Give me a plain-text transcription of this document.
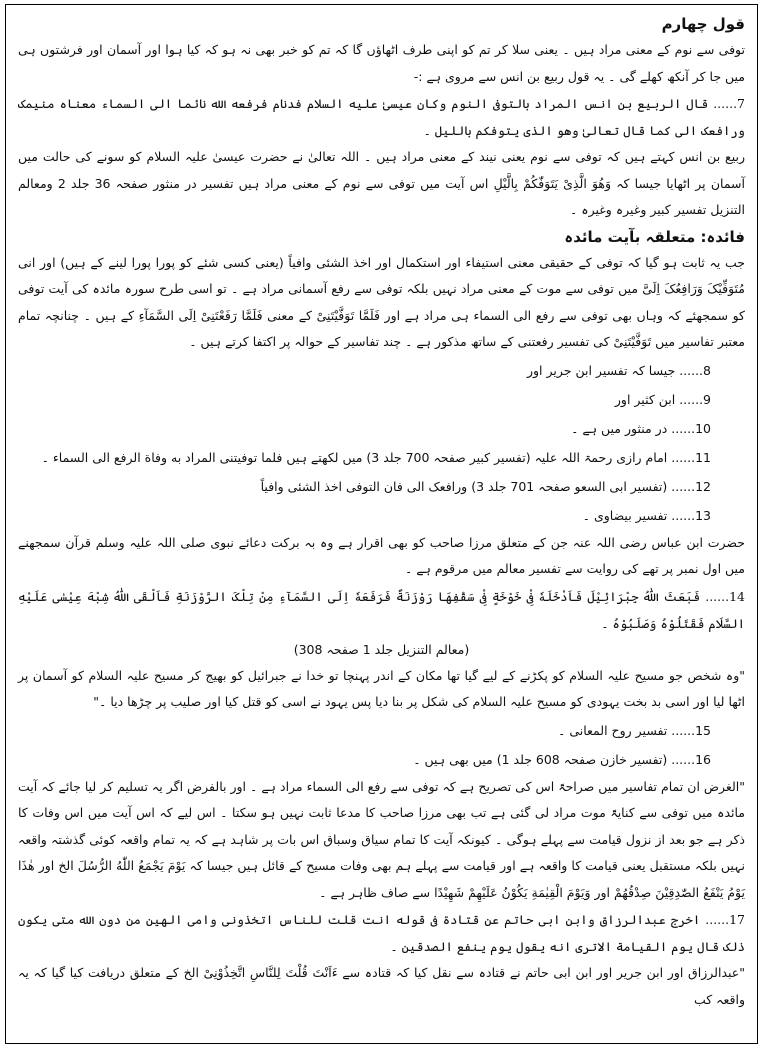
قول چهارم

توفی سے نوم کے معنی مراد ہیں ۔ یعنی سلا کر تم کو اپنی طرف اٹھاؤں گا کہ تم کو خبر بھی نہ ہو کہ کیا ہوا اور آسمان اور فرشتوں ہی میں جا کر آنکھ کھلے گی ۔ یہ قول ربیع بن انس سے مروی ہے :-

7...... قال الربیع بن انس المراد بالتوفی النوم وکان عیسیٰ علیه السلام فدنام فرفعه الله نائما الی السماء معناه منیمک ورافعک الی کما قال تعالیٰ وهو الذی یتوفکم باللیل ۔

ربیع بن انس کہتے ہیں کہ توفی سے نوم یعنی نیند کے معنی مراد ہیں ۔ اللہ تعالیٰ نے حضرت عیسیٰ علیہ السلام کو سونے کی حالت میں آسمان پر اٹھایا جیسا کہ وَهُوَ الَّذِیْ یَتَوَفّٰکُمْ بِالَّیْلِ اس آیت میں توفی سے نوم کے معنی مراد ہیں تفسیر در منثور صفحہ 36 جلد 2 ومعالم التنزیل تفسیر کبیر وغیرہ وغیرہ ۔

فائدہ: متعلقہ بآیت مائدہ

جب یہ ثابت ہو گیا کہ توفی کے حقیقی معنی استیفاء اور استکمال اور اخذ الشئی وافیاً (یعنی کسی شئے کو پورا پورا لینے کے ہیں) اور انی مُتَوَفِّیْکَ وَرَافِعُکَ اِلَیَّ میں توفی سے موت کے معنی مراد نہیں بلکہ توفی سے رفع آسمانی مراد ہے ۔ تو اسی طرح سورہ مائدہ کی آیت توفی کو سمجھئے کہ وہاں بھی توفی سے رفع الی السماء ہی مراد ہے اور فَلَمَّا تَوَفَّیْتَنِیْ کے معنی فَلَمَّا رَفَعْتَنِیْ اِلَی السَّمَآءِ کے ہیں ۔ چنانچہ تمام معتبر تفاسیر میں تَوَفَّیْتَنِیْ کی تفسیر رفعتنی کے ساتھ مذکور ہے ۔ چند تفاسیر کے حوالہ پر اکتفا کرتے ہیں ۔

8...... جیسا کہ تفسیر ابن جریر اور

9...... ابن کثیر اور

10...... در منثور میں ہے ۔

11...... امام رازی رحمۃ اللہ علیہ (تفسیر کبیر صفحہ 700 جلد 3) میں لکھتے ہیں فلما توفیتنی المراد به وفاة الرفع الی السماء ۔

12...... (تفسیر ابی السعو صفحہ 701 جلد 3) ورافعک الی فان التوفی اخذ الشئی وافیاً

13...... تفسیر بیضاوی ۔

حضرت ابن عباس رضی اللہ عنہ جن کے متعلق مرزا صاحب کو بھی اقرار ہے وہ بہ برکت دعائے نبوی صلی اللہ علیہ وسلم قرآن سمجھنے میں اول نمبر پر تھے کی روایت سے تفسیر معالم میں مرقوم ہے ۔

14...... فَبَعَثَ اللّٰهُ جِبْرَائِیْلَ فَاَدْخَلَهٗ فِیْ خَوْخَةٍ فِیْ سَقْفِهَا رَوْزَنَةٌ فَرَفَعَهٗ اِلَی السَّمَآءِ مِنْ تِلْکَ الرَّوْزَنَةِ فَاَلْقَی اللّٰهُ شِبْهَ عِیْسٰی عَلَیْهِ السَّلَام فَقَتَلُوْهُ وَصَلَبُوْهُ ۔

(معالم التنزیل جلد 1 صفحہ 308)

"وہ شخص جو مسیح علیہ السلام کو پکڑنے کے لیے گیا تھا مکان کے اندر پہنچا تو خدا نے جبرائیل کو بھیج کر مسیح علیہ السلام کو آسمان پر اٹھا لیا اور اسی بد بخت یہودی کو مسیح علیہ السلام کی شکل پر بنا دیا پس یہود نے اسی کو قتل کیا اور صلیب پر چڑھا دیا ۔"

15...... تفسیر روح المعانی ۔

16...... (تفسیر خازن صفحہ 608 جلد 1) میں بھی ہیں ۔

"الغرض ان تمام تفاسیر میں صراحۃً اس کی تصریح ہے کہ توفی سے رفع الی السماء مراد ہے ۔ اور بالفرض اگر یہ تسلیم کر لیا جائے کہ آیت مائدہ میں توفی سے کنایۃً موت مراد لی گئی ہے تب بھی مرزا صاحب کا مدعا ثابت نہیں ہو سکتا ۔ اس لیے کہ اس آیت میں اس وفات کا ذکر ہے جو بعد از نزول قیامت سے پہلے ہوگی ۔ کیونکہ آیت کا تمام سیاق وسباق اس بات پر شاہد ہے کہ یہ تمام واقعہ کوئی گذشتہ واقعہ نہیں بلکہ مستقبل یعنی قیامت کا واقعہ ہے اور قیامت سے پہلے ہم بھی وفات مسیح کے قائل ہیں جیسا کہ یَوْمَ یَجْمَعُ اللّٰهُ الرُّسُلَ الخ اور هٰذَا یَوْمُ یَنْفَعُ الصّٰدِقِیْنَ صِدْقُهُمْ اور وَیَوْمَ الْقِیٰمَةِ یَکُوْنُ عَلَیْهِمْ شَهِیْدًا سے صاف ظاہر ہے ۔

17...... اخرج عبدالرزاق وابن ابی حاتم عن قتادة فی قوله انت قلت للناس اتخذونی وامی الهین من دون الله متی یکون ذلک قال یوم القیامة الاتری انه یقول یوم ینفع الصدقین ۔

"عبدالرزاق اور ابن جریر اور ابن ابی حاتم نے قتادہ سے نقل کیا کہ قتادہ سے ءَاَنْتَ قُلْتَ لِلنَّاسِ اتَّخِذُوْنِیْ الخ کے متعلق دریافت کیا گیا کہ یہ واقعہ کب
